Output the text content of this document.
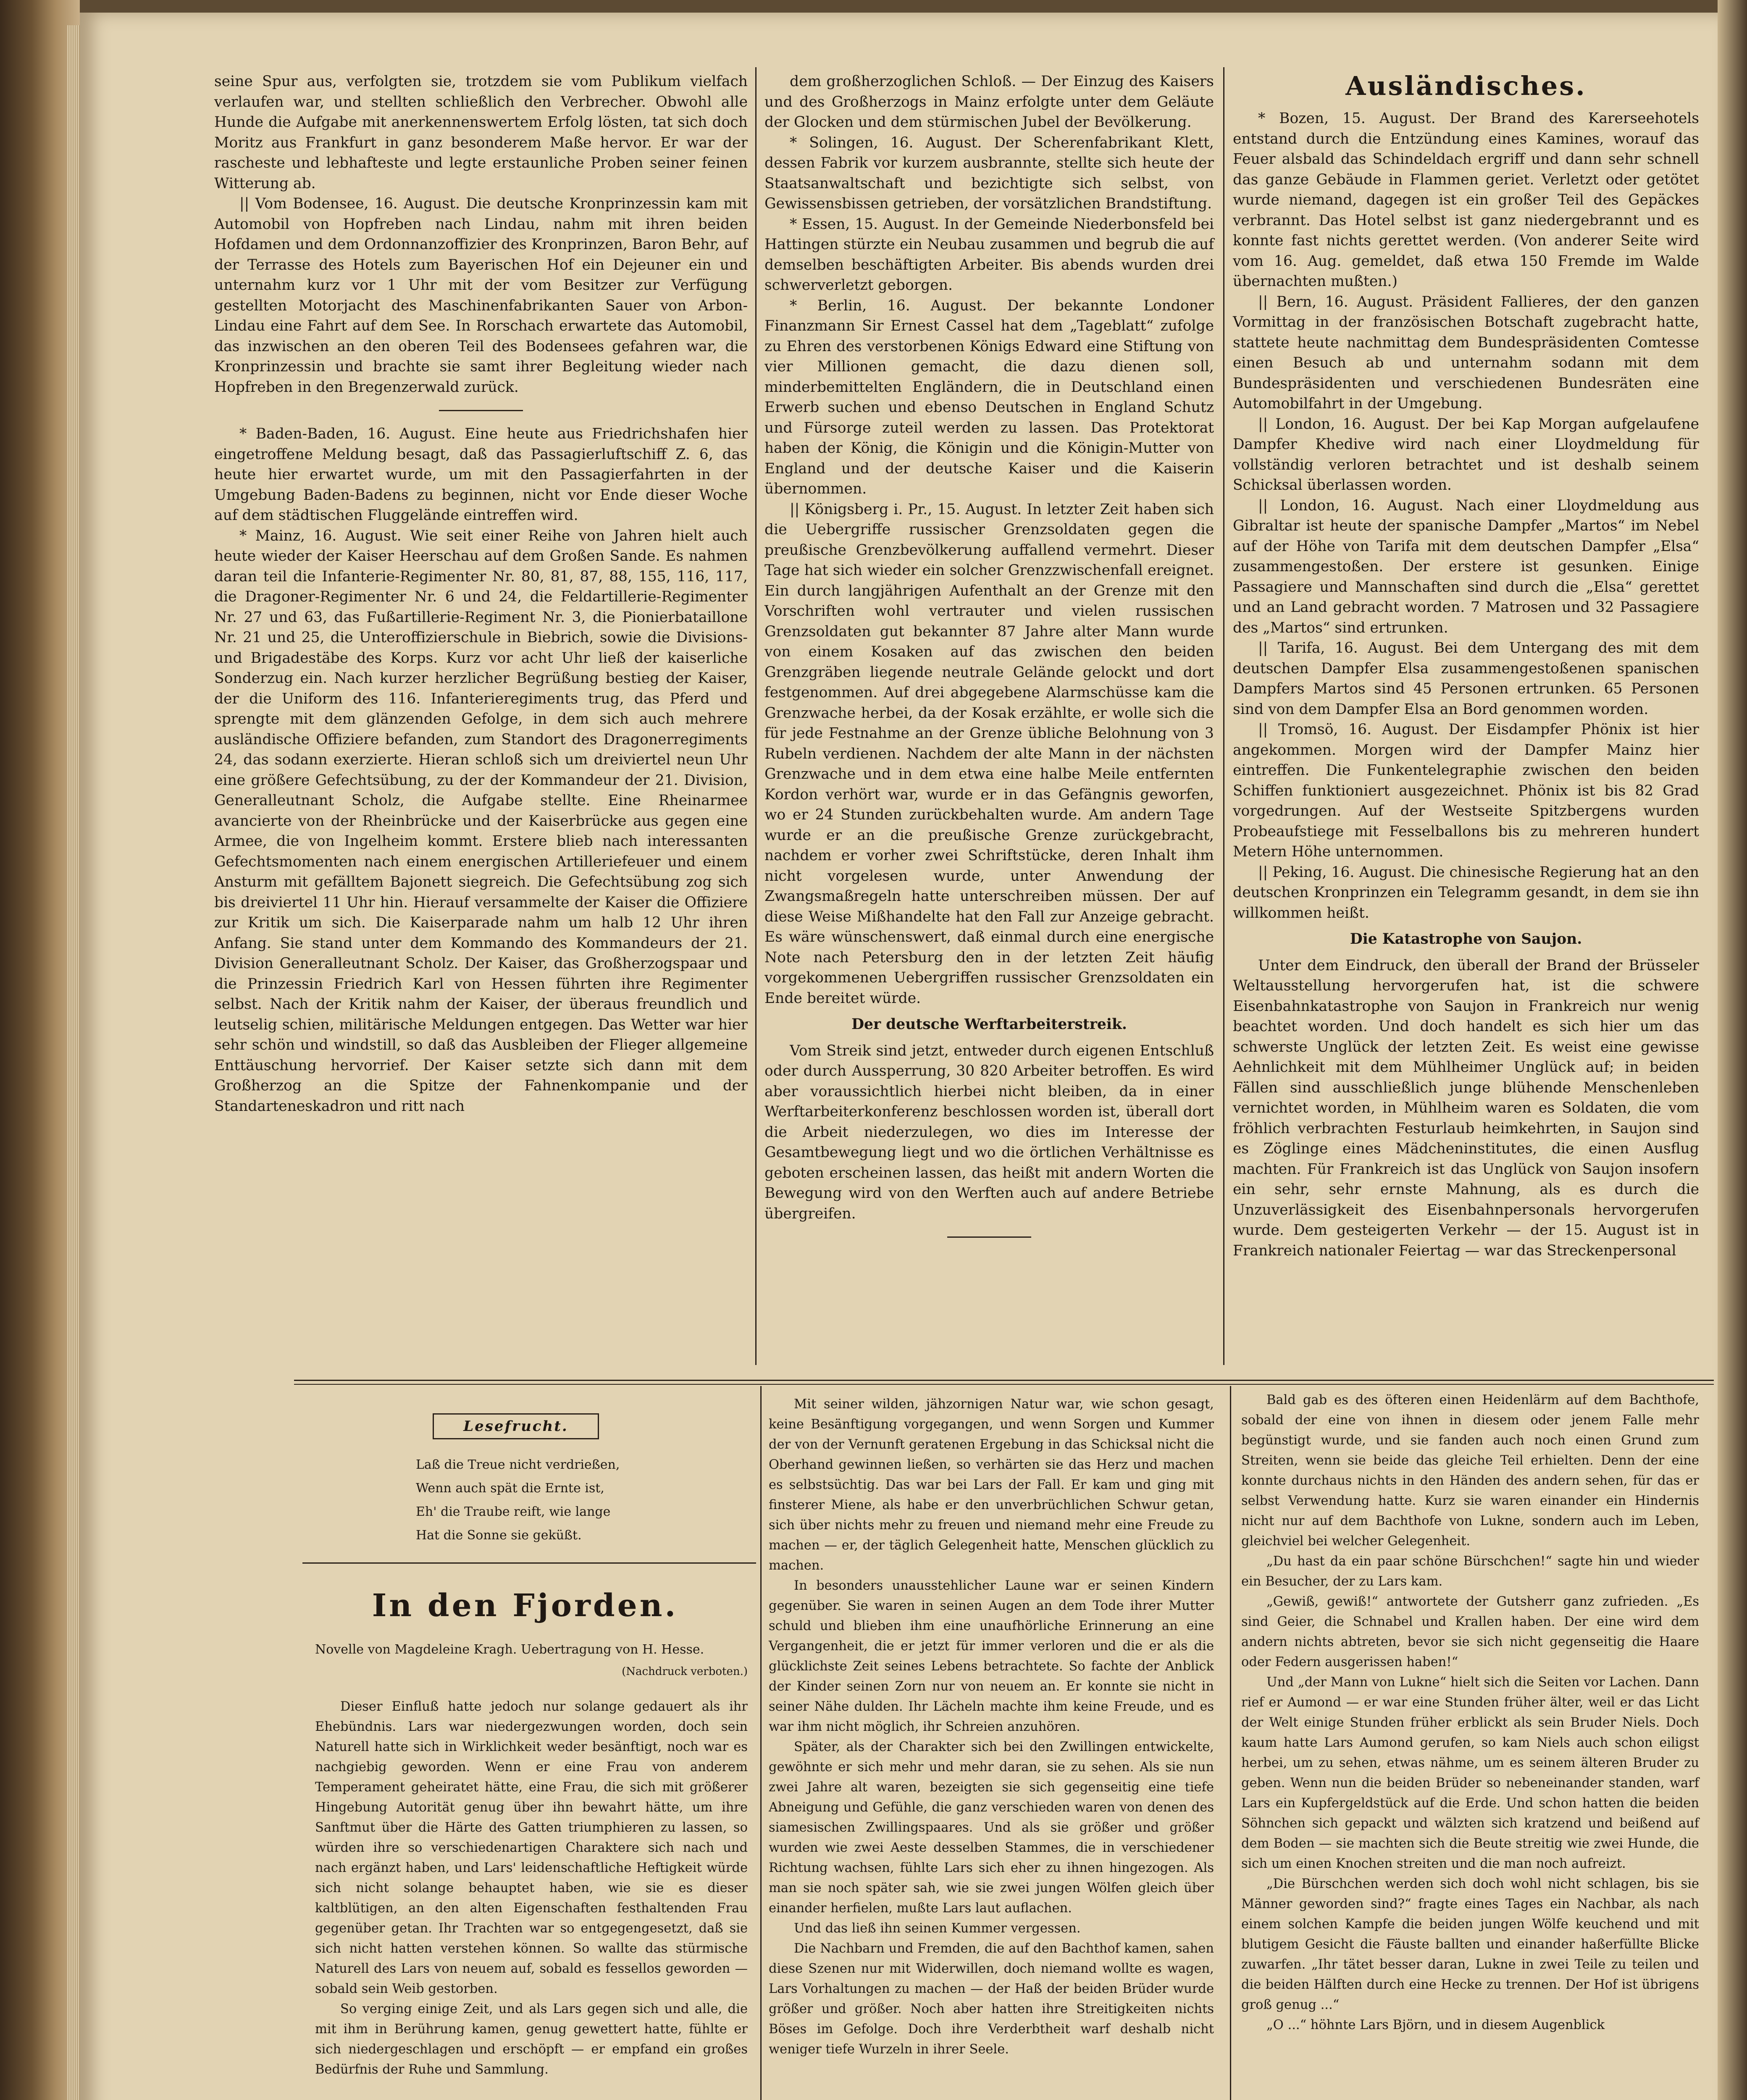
seine Spur aus, verfolgten sie, trotzdem sie vom Publikum vielfach verlaufen war, und stellten schließlich den Verbrecher. Obwohl alle Hunde die Aufgabe mit anerkennenswertem Erfolg lösten, tat sich doch Moritz aus Frankfurt in ganz besonderem Maße hervor. Er war der rascheste und lebhafteste und legte erstaunliche Proben seiner feinen Witterung ab.

|| Vom Bodensee, 16. August. Die deutsche Kronprinzessin kam mit Automobil von Hopfreben nach Lindau, nahm mit ihren beiden Hofdamen und dem Ordonnanzoffizier des Kronprinzen, Baron Behr, auf der Terrasse des Hotels zum Bayerischen Hof ein Dejeuner ein und unternahm kurz vor 1 Uhr mit der vom Besitzer zur Verfügung gestellten Motorjacht des Maschinenfabrikanten Sauer von Arbon-Lindau eine Fahrt auf dem See. In Rorschach erwartete das Automobil, das inzwischen an den oberen Teil des Bodensees gefahren war, die Kronprinzessin und brachte sie samt ihrer Begleitung wieder nach Hopfreben in den Bregenzerwald zurück.

* Baden-Baden, 16. August. Eine heute aus Friedrichshafen hier eingetroffene Meldung besagt, daß das Passagierluftschiff Z. 6, das heute hier erwartet wurde, um mit den Passagierfahrten in der Umgebung Baden-Badens zu beginnen, nicht vor Ende dieser Woche auf dem städtischen Fluggelände eintreffen wird.

* Mainz, 16. August. Wie seit einer Reihe von Jahren hielt auch heute wieder der Kaiser Heerschau auf dem Großen Sande. Es nahmen daran teil die Infanterie-Regimenter Nr. 80, 81, 87, 88, 155, 116, 117, die Dragoner-Regimenter Nr. 6 und 24, die Feldartillerie-Regimenter Nr. 27 und 63, das Fußartillerie-Regiment Nr. 3, die Pionierbataillone Nr. 21 und 25, die Unteroffizierschule in Biebrich, sowie die Divisions- und Brigadestäbe des Korps. Kurz vor acht Uhr ließ der kaiserliche Sonderzug ein. Nach kurzer herzlicher Begrüßung bestieg der Kaiser, der die Uniform des 116. Infanterieregiments trug, das Pferd und sprengte mit dem glänzenden Gefolge, in dem sich auch mehrere ausländische Offiziere befanden, zum Standort des Dragonerregiments 24, das sodann exerzierte. Hieran schloß sich um dreiviertel neun Uhr eine größere Gefechtsübung, zu der der Kommandeur der 21. Division, Generalleutnant Scholz, die Aufgabe stellte. Eine Rheinarmee avancierte von der Rheinbrücke und der Kaiserbrücke aus gegen eine Armee, die von Ingelheim kommt. Erstere blieb nach interessanten Gefechtsmomenten nach einem energischen Artilleriefeuer und einem Ansturm mit gefälltem Bajonett siegreich. Die Gefechtsübung zog sich bis dreiviertel 11 Uhr hin. Hierauf versammelte der Kaiser die Offiziere zur Kritik um sich. Die Kaiserparade nahm um halb 12 Uhr ihren Anfang. Sie stand unter dem Kommando des Kommandeurs der 21. Division Generalleutnant Scholz. Der Kaiser, das Großherzogspaar und die Prinzessin Friedrich Karl von Hessen führten ihre Regimenter selbst. Nach der Kritik nahm der Kaiser, der überaus freundlich und leutselig schien, militärische Meldungen entgegen. Das Wetter war hier sehr schön und windstill, so daß das Ausbleiben der Flieger allgemeine Enttäuschung hervorrief. Der Kaiser setzte sich dann mit dem Großherzog an die Spitze der Fahnenkompanie und der Standarteneskadron und ritt nach

dem großherzoglichen Schloß. — Der Einzug des Kaisers und des Großherzogs in Mainz erfolgte unter dem Geläute der Glocken und dem stürmischen Jubel der Bevölkerung.

* Solingen, 16. August. Der Scherenfabrikant Klett, dessen Fabrik vor kurzem ausbrannte, stellte sich heute der Staatsanwaltschaft und bezichtigte sich selbst, von Gewissensbissen getrieben, der vorsätzlichen Brandstiftung.

* Essen, 15. August. In der Gemeinde Niederbonsfeld bei Hattingen stürzte ein Neubau zusammen und begrub die auf demselben beschäftigten Arbeiter. Bis abends wurden drei schwerverletzt geborgen.

* Berlin, 16. August. Der bekannte Londoner Finanzmann Sir Ernest Cassel hat dem „Tageblatt“ zufolge zu Ehren des verstorbenen Königs Edward eine Stiftung von vier Millionen gemacht, die dazu dienen soll, minderbemittelten Engländern, die in Deutschland einen Erwerb suchen und ebenso Deutschen in England Schutz und Fürsorge zuteil werden zu lassen. Das Protektorat haben der König, die Königin und die Königin-Mutter von England und der deutsche Kaiser und die Kaiserin übernommen.

|| Königsberg i. Pr., 15. August. In letzter Zeit haben sich die Uebergriffe russischer Grenzsoldaten gegen die preußische Grenzbevölkerung auffallend vermehrt. Dieser Tage hat sich wieder ein solcher Grenzzwischenfall ereignet. Ein durch langjährigen Aufenthalt an der Grenze mit den Vorschriften wohl vertrauter und vielen russischen Grenzsoldaten gut bekannter 87 Jahre alter Mann wurde von einem Kosaken auf das zwischen den beiden Grenzgräben liegende neutrale Gelände gelockt und dort festgenommen. Auf drei abgegebene Alarmschüsse kam die Grenzwache herbei, da der Kosak erzählte, er wolle sich die für jede Festnahme an der Grenze übliche Belohnung von 3 Rubeln verdienen. Nachdem der alte Mann in der nächsten Grenzwache und in dem etwa eine halbe Meile entfernten Kordon verhört war, wurde er in das Gefängnis geworfen, wo er 24 Stunden zurückbehalten wurde. Am andern Tage wurde er an die preußische Grenze zurückgebracht, nachdem er vorher zwei Schriftstücke, deren Inhalt ihm nicht vorgelesen wurde, unter Anwendung der Zwangsmaßregeln hatte unterschreiben müssen. Der auf diese Weise Mißhandelte hat den Fall zur Anzeige gebracht. Es wäre wünschenswert, daß einmal durch eine energische Note nach Petersburg den in der letzten Zeit häufig vorgekommenen Uebergriffen russischer Grenzsoldaten ein Ende bereitet würde.

Der deutsche Werftarbeiterstreik.

Vom Streik sind jetzt, entweder durch eigenen Entschluß oder durch Aussperrung, 30 820 Arbeiter betroffen. Es wird aber voraussichtlich hierbei nicht bleiben, da in einer Werftarbeiterkonferenz beschlossen worden ist, überall dort die Arbeit niederzulegen, wo dies im Interesse der Gesamtbewegung liegt und wo die örtlichen Verhältnisse es geboten erscheinen lassen, das heißt mit andern Worten die Bewegung wird von den Werften auch auf andere Betriebe übergreifen.

Ausländisches.

* Bozen, 15. August. Der Brand des Karerseehotels entstand durch die Entzündung eines Kamines, worauf das Feuer alsbald das Schindeldach ergriff und dann sehr schnell das ganze Gebäude in Flammen geriet. Verletzt oder getötet wurde niemand, dagegen ist ein großer Teil des Gepäckes verbrannt. Das Hotel selbst ist ganz niedergebrannt und es konnte fast nichts gerettet werden. (Von anderer Seite wird vom 16. Aug. gemeldet, daß etwa 150 Fremde im Walde übernachten mußten.)

|| Bern, 16. August. Präsident Fallieres, der den ganzen Vormittag in der französischen Botschaft zugebracht hatte, stattete heute nachmittag dem Bundespräsidenten Comtesse einen Besuch ab und unternahm sodann mit dem Bundespräsidenten und verschiedenen Bundesräten eine Automobilfahrt in der Umgebung.

|| London, 16. August. Der bei Kap Morgan aufgelaufene Dampfer Khedive wird nach einer Lloydmeldung für vollständig verloren betrachtet und ist deshalb seinem Schicksal überlassen worden.

|| London, 16. August. Nach einer Lloydmeldung aus Gibraltar ist heute der spanische Dampfer „Martos“ im Nebel auf der Höhe von Tarifa mit dem deutschen Dampfer „Elsa“ zusammengestoßen. Der erstere ist gesunken. Einige Passagiere und Mannschaften sind durch die „Elsa“ gerettet und an Land gebracht worden. 7 Matrosen und 32 Passagiere des „Martos“ sind ertrunken.

|| Tarifa, 16. August. Bei dem Untergang des mit dem deutschen Dampfer Elsa zusammengestoßenen spanischen Dampfers Martos sind 45 Personen ertrunken. 65 Personen sind von dem Dampfer Elsa an Bord genommen worden.

|| Tromsö, 16. August. Der Eisdampfer Phönix ist hier angekommen. Morgen wird der Dampfer Mainz hier eintreffen. Die Funkentelegraphie zwischen den beiden Schiffen funktioniert ausgezeichnet. Phönix ist bis 82 Grad vorgedrungen. Auf der Westseite Spitzbergens wurden Probeaufstiege mit Fesselballons bis zu mehreren hundert Metern Höhe unternommen.

|| Peking, 16. August. Die chinesische Regierung hat an den deutschen Kronprinzen ein Telegramm gesandt, in dem sie ihn willkommen heißt.

Die Katastrophe von Saujon.

Unter dem Eindruck, den überall der Brand der Brüsseler Weltausstellung hervorgerufen hat, ist die schwere Eisenbahnkatastrophe von Saujon in Frankreich nur wenig beachtet worden. Und doch handelt es sich hier um das schwerste Unglück der letzten Zeit. Es weist eine gewisse Aehnlichkeit mit dem Mühlheimer Unglück auf; in beiden Fällen sind ausschließlich junge blühende Menschenleben vernichtet worden, in Mühlheim waren es Soldaten, die vom fröhlich verbrachten Festurlaub heimkehrten, in Saujon sind es Zöglinge eines Mädcheninstitutes, die einen Ausflug machten. Für Frankreich ist das Unglück von Saujon insofern ein sehr, sehr ernste Mahnung, als es durch die Unzuverlässigkeit des Eisenbahnpersonals hervorgerufen wurde. Dem gesteigerten Verkehr — der 15. August ist in Frankreich nationaler Feiertag — war das Streckenpersonal

Lesefrucht.
Laß die Treue nicht verdrießen,
Wenn auch spät die Ernte ist,
Eh' die Traube reift, wie lange
Hat die Sonne sie geküßt.
In den Fjorden.
Novelle von Magdeleine Kragh. Uebertragung von H. Hesse.
(Nachdruck verboten.)

Dieser Einfluß hatte jedoch nur solange gedauert als ihr Ehebündnis. Lars war niedergezwungen worden, doch sein Naturell hatte sich in Wirklichkeit weder besänftigt, noch war es nachgiebig geworden. Wenn er eine Frau von anderem Temperament geheiratet hätte, eine Frau, die sich mit größerer Hingebung Autorität genug über ihn bewahrt hätte, um ihre Sanftmut über die Härte des Gatten triumphieren zu lassen, so würden ihre so verschiedenartigen Charaktere sich nach und nach ergänzt haben, und Lars' leidenschaftliche Heftigkeit würde sich nicht solange behauptet haben, wie sie es dieser kaltblütigen, an den alten Eigenschaften festhaltenden Frau gegenüber getan. Ihr Trachten war so entgegengesetzt, daß sie sich nicht hatten verstehen können. So wallte das stürmische Naturell des Lars von neuem auf, sobald es fessellos geworden — sobald sein Weib gestorben.

So verging einige Zeit, und als Lars gegen sich und alle, die mit ihm in Berührung kamen, genug gewettert hatte, fühlte er sich niedergeschlagen und erschöpft — er empfand ein großes Bedürfnis der Ruhe und Sammlung.

Mit seiner wilden, jähzornigen Natur war, wie schon gesagt, keine Besänftigung vorgegangen, und wenn Sorgen und Kummer der von der Vernunft geratenen Ergebung in das Schicksal nicht die Oberhand gewinnen ließen, so verhärten sie das Herz und machen es selbstsüchtig. Das war bei Lars der Fall. Er kam und ging mit finsterer Miene, als habe er den unverbrüchlichen Schwur getan, sich über nichts mehr zu freuen und niemand mehr eine Freude zu machen — er, der täglich Gelegenheit hatte, Menschen glücklich zu machen.

In besonders unausstehlicher Laune war er seinen Kindern gegenüber. Sie waren in seinen Augen an dem Tode ihrer Mutter schuld und blieben ihm eine unaufhörliche Erinnerung an eine Vergangenheit, die er jetzt für immer verloren und die er als die glücklichste Zeit seines Lebens betrachtete. So fachte der Anblick der Kinder seinen Zorn nur von neuem an. Er konnte sie nicht in seiner Nähe dulden. Ihr Lächeln machte ihm keine Freude, und es war ihm nicht möglich, ihr Schreien anzuhören.

Später, als der Charakter sich bei den Zwillingen entwickelte, gewöhnte er sich mehr und mehr daran, sie zu sehen. Als sie nun zwei Jahre alt waren, bezeigten sie sich gegenseitig eine tiefe Abneigung und Gefühle, die ganz verschieden waren von denen des siamesischen Zwillingspaares. Und als sie größer und größer wurden wie zwei Aeste desselben Stammes, die in verschiedener Richtung wachsen, fühlte Lars sich eher zu ihnen hingezogen. Als man sie noch später sah, wie sie zwei jungen Wölfen gleich über einander herfielen, mußte Lars laut auflachen.

Und das ließ ihn seinen Kummer vergessen.

Die Nachbarn und Fremden, die auf den Bachthof kamen, sahen diese Szenen nur mit Widerwillen, doch niemand wollte es wagen, Lars Vorhaltungen zu machen — der Haß der beiden Brüder wurde größer und größer. Noch aber hatten ihre Streitigkeiten nichts Böses im Gefolge. Doch ihre Verderbtheit warf deshalb nicht weniger tiefe Wurzeln in ihrer Seele.

Bald gab es des öfteren einen Heidenlärm auf dem Bachthofe, sobald der eine von ihnen in diesem oder jenem Falle mehr begünstigt wurde, und sie fanden auch noch einen Grund zum Streiten, wenn sie beide das gleiche Teil erhielten. Denn der eine konnte durchaus nichts in den Händen des andern sehen, für das er selbst Verwendung hatte. Kurz sie waren einander ein Hindernis nicht nur auf dem Bachthofe von Lukne, sondern auch im Leben, gleichviel bei welcher Gelegenheit.

„Du hast da ein paar schöne Bürschchen!“ sagte hin und wieder ein Besucher, der zu Lars kam.

„Gewiß, gewiß!“ antwortete der Gutsherr ganz zufrieden. „Es sind Geier, die Schnabel und Krallen haben. Der eine wird dem andern nichts abtreten, bevor sie sich nicht gegenseitig die Haare oder Federn ausgerissen haben!“

Und „der Mann von Lukne“ hielt sich die Seiten vor Lachen. Dann rief er Aumond — er war eine Stunden früher älter, weil er das Licht der Welt einige Stunden früher erblickt als sein Bruder Niels. Doch kaum hatte Lars Aumond gerufen, so kam Niels auch schon eiligst herbei, um zu sehen, etwas nähme, um es seinem älteren Bruder zu geben. Wenn nun die beiden Brüder so nebeneinander standen, warf Lars ein Kupfergeldstück auf die Erde. Und schon hatten die beiden Söhnchen sich gepackt und wälzten sich kratzend und beißend auf dem Boden — sie machten sich die Beute streitig wie zwei Hunde, die sich um einen Knochen streiten und die man noch aufreizt.

„Die Bürschchen werden sich doch wohl nicht schlagen, bis sie Männer geworden sind?“ fragte eines Tages ein Nachbar, als nach einem solchen Kampfe die beiden jungen Wölfe keuchend und mit blutigem Gesicht die Fäuste ballten und einander haßerfüllte Blicke zuwarfen. „Ihr tätet besser daran, Lukne in zwei Teile zu teilen und die beiden Hälften durch eine Hecke zu trennen. Der Hof ist übrigens groß genug ...“

„O ...“ höhnte Lars Björn, und in diesem Augenblick
